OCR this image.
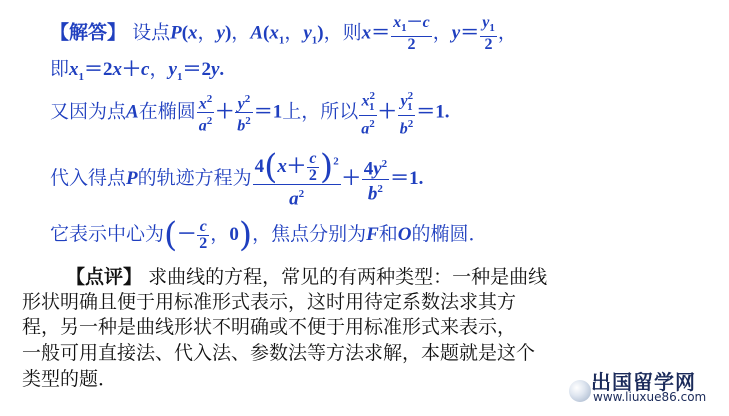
【解答】 设点P(x，y)，$A(x_1$，$y_1$)，则$x= \frac{x_1-c}{2}$ ，$y= \frac{y_1}{2}$ ，
即$x_1=2x+c$，$y_1=2y$.
又因为点A在椭圆 $\frac{x^2}{a^2} + \frac{y^2}{b^2} =1$上，所以 $\frac{x^2_1}{a^2} + \frac{y^2_1}{b^2} =1$.
代入得点P的轨迹方程为 $\frac{4(x+ \frac{c}{2} )^2}{a^2} + \frac{4y^2}{b^2} =1$.
它表示中心为(－ $\frac{c}{2}$ ，0)，焦点分别为F和O的椭圆．
【点评】 求曲线的方程，常见的有两种类型：一种是曲线
形状明确且便于用标准形式表示，这时用待定系数法求其方
程，另一种是曲线形状不明确或不便于用标准形式来表示，
一般可用直接法、代入法、参数法等方法求解，本题就是这个
类型的题．	出国留学网
www.liuxue86.com
